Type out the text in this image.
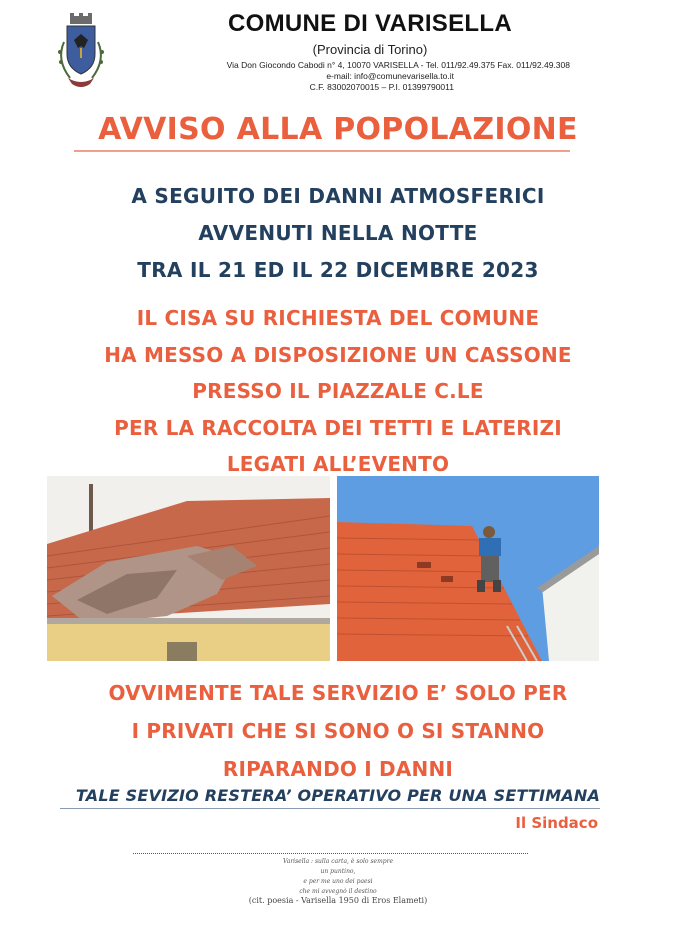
COMUNE DI VARISELLA
(Provincia di Torino)
Via Don Giocondo Cabodi n° 4, 10070 VARISELLA - Tel. 011/92.49.375 Fax. 011/92.49.308
e-mail: info@comunevarisella.to.it
C.F. 83002070015 – P.I. 01399790011
AVVISO ALLA POPOLAZIONE
A SEGUITO DEI DANNI ATMOSFERICI
AVVENUTI NELLA NOTTE
TRA IL 21 ED IL 22 DICEMBRE 2023
IL CISA SU RICHIESTA DEL COMUNE
HA MESSO A DISPOSIZIONE UN CASSONE
PRESSO IL PIAZZALE C.LE
PER LA RACCOLTA DEI TETTI E LATERIZI
LEGATI ALL’EVENTO
OVVIMENTE TALE SERVIZIO E’ SOLO PER
I PRIVATI CHE SI SONO O SI STANNO
RIPARANDO I DANNI
TALE SEVIZIO RESTERA’ OPERATIVO PER UNA SETTIMANA
Il Sindaco
Varisella : sulla carta, è solo sempre
un puntino,
e per me uno dei paesi
che mi avvegnò il destino
(cit. poesia - Varisella 1950 di Eros Elameti)
